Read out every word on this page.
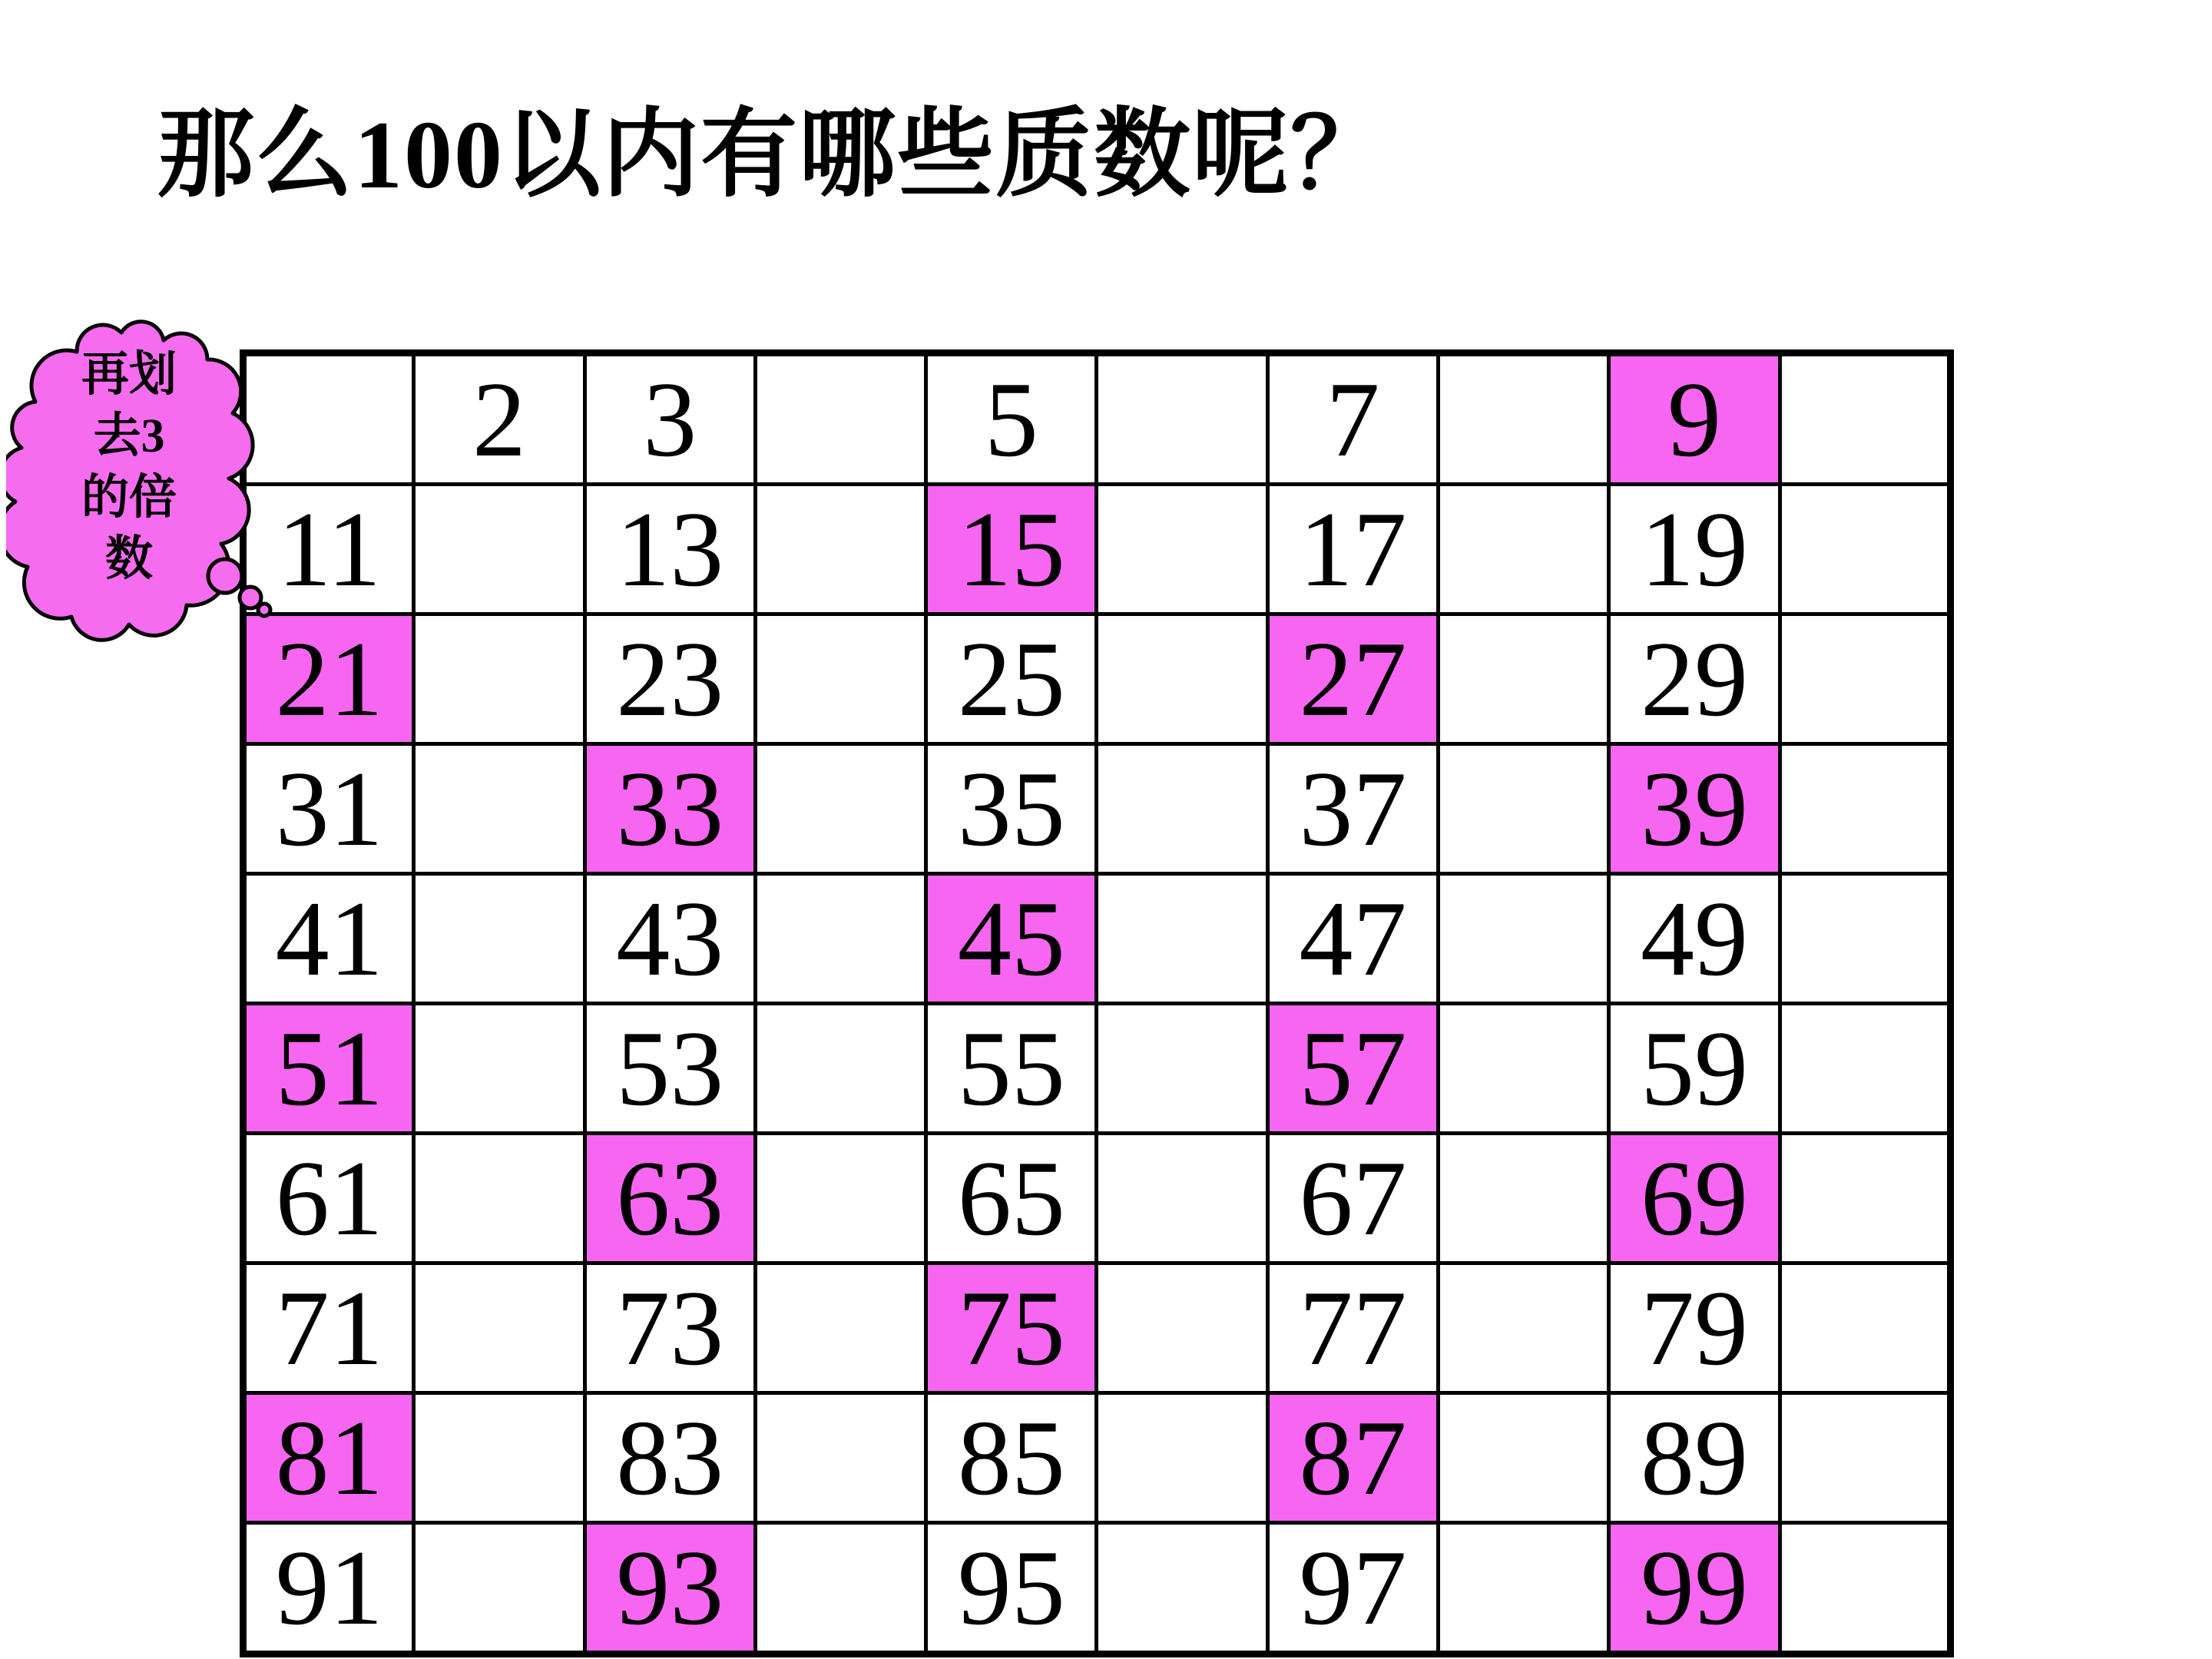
那么100以内有哪些质数呢？
再划
去3
的倍
数
	2	3		5		7		9	
11		13		15		17		19	
21		23		25		27		29	
31		33		35		37		39	
41		43		45		47		49	
51		53		55		57		59	
61		63		65		67		69	
71		73		75		77		79	
81		83		85		87		89	
91		93		95		97		99	
